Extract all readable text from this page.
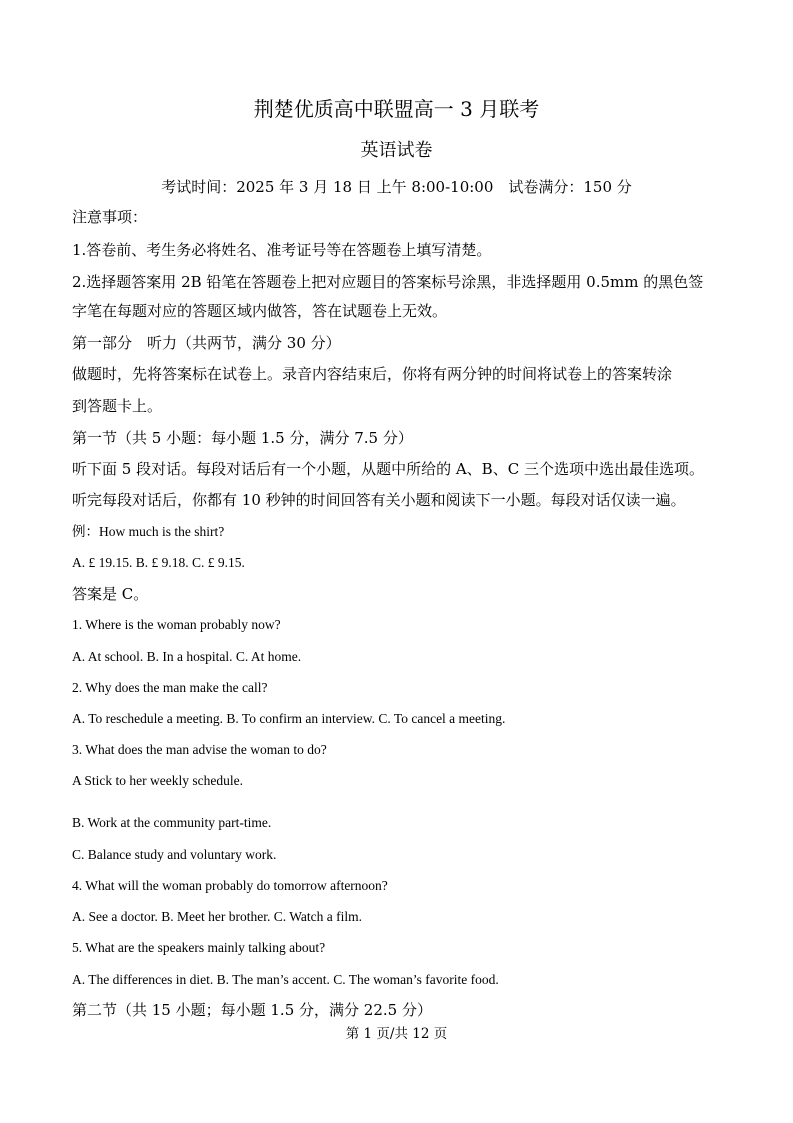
荆楚优质高中联盟高一 3 月联考
英语试卷
考试时间：2025 年 3 月 18 日 上午 8:00-10:00　试卷满分：150 分
注意事项：
1.答卷前、考生务必将姓名、准考证号等在答题卷上填写清楚。
2.选择题答案用 2B 铅笔在答题卷上把对应题目的答案标号涂黑，非选择题用 0.5mm 的黑色签
字笔在每题对应的答题区域内做答，答在试题卷上无效。
第一部分　听力（共两节，满分 30 分）
做题时，先将答案标在试卷上。录音内容结束后，你将有两分钟的时间将试卷上的答案转涂
到答题卡上。
第一节（共 5 小题：每小题 1.5 分，满分 7.5 分）
听下面 5 段对话。每段对话后有一个小题，从题中所给的 A、B、C 三个选项中选出最佳选项。
听完每段对话后，你都有 10 秒钟的时间回答有关小题和阅读下一小题。每段对话仅读一遍。
例：How much is the shirt?
A. £ 19.15. B. £ 9.18. C. £ 9.15.
答案是 C。
1. Where is the woman probably now?
A. At school. B. In a hospital. C. At home.
2. Why does the man make the call?
A. To reschedule a meeting. B. To confirm an interview. C. To cancel a meeting.
3. What does the man advise the woman to do?
A Stick to her weekly schedule.
B. Work at the community part-time.
C. Balance study and voluntary work.
4. What will the woman probably do tomorrow afternoon?
A. See a doctor. B. Meet her brother. C. Watch a film.
5. What are the speakers mainly talking about?
A. The differences in diet. B. The man’s accent. C. The woman’s favorite food.
第二节（共 15 小题；每小题 1.5 分，满分 22.5 分）
第 1 页/共 12 页
